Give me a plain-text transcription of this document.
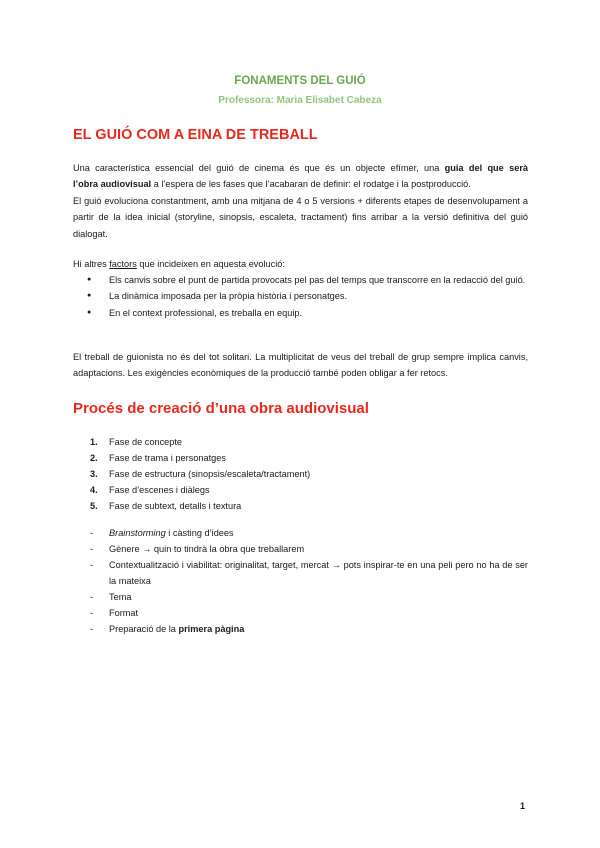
FONAMENTS DEL GUIÓ
Professora: Maria Elisabet Cabeza
EL GUIÓ COM A EINA DE TREBALL

Una característica essencial del guió de cinema és que és un objecte efímer, una guia del que serà

l’obra audiovisual a l’espera de les fases que l’acabaran de definir: el rodatge i la postproducció.

El guió evoluciona constantment, amb una mitjana de 4 o 5 versions + diferents etapes de desenvolupament a partir de la idea inicial (storyline, sinopsis, escaleta, tractament) fins arribar a la versió definitiva del guió dialogat.

Hi altres factors que incideixen en aquesta evolució:

● Els canvis sobre el punt de partida provocats pel pas del temps que transcorre en la redacció del guió.
● La dinàmica imposada per la pròpia història i personatges.
● En el context professional, es treballa en equip.

El treball de guionista no és del tot solitari. La multiplicitat de veus del treball de grup sempre implica canvis, adaptacions. Les exigències econòmiques de la producció també poden obligar a fer retocs.

Procés de creació d’una obra audiovisual
1. Fase de concepte
2. Fase de trama i personatges
3. Fase de estructura (sinopsis/escaleta/tractament)
4. Fase d’escenes i diàlegs
5. Fase de subtext, detalls i textura
- Brainstorming i càsting d’idees
- Gènere → quin to tindrà la obra que treballarem
- Contextualització i viabilitat: originalitat, target, mercat → pots inspirar-te en una peli pero no ha de ser la mateixa
- Tema
- Format
- Preparació de la primera pàgina
1
